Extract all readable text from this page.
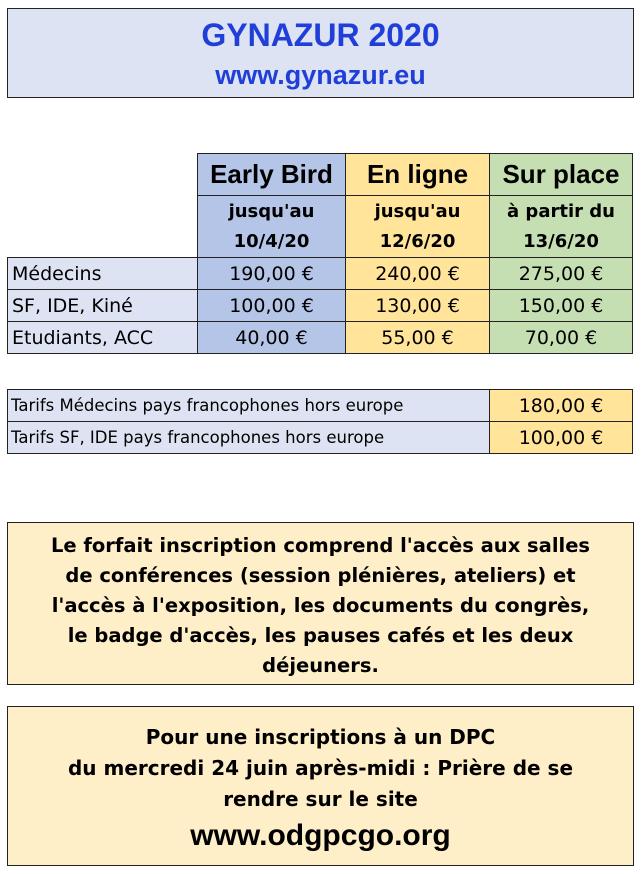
GYNAZUR 2020
www.gynazur.eu
	Early Bird	En ligne	Sur place
	jusqu'au	jusqu'au	à partir du
	10/4/20	12/6/20	13/6/20
Médecins	190,00 €	240,00 €	275,00 €
SF, IDE, Kiné	100,00 €	130,00 €	150,00 €
Etudiants, ACC	40,00 €	55,00 €	70,00 €
Tarifs Médecins pays francophones hors europe	180,00 €
Tarifs SF, IDE pays francophones hors europe	100,00 €
Le forfait inscription comprend l'accès aux salles
de conférences (session plénières, ateliers) et
l'accès à l'exposition, les documents du congrès,
le badge d'accès, les pauses cafés et les deux
déjeuners.
Pour une inscriptions à un DPC
du mercredi 24 juin après-midi : Prière de se
rendre sur le site
www.odgpcgo.org
